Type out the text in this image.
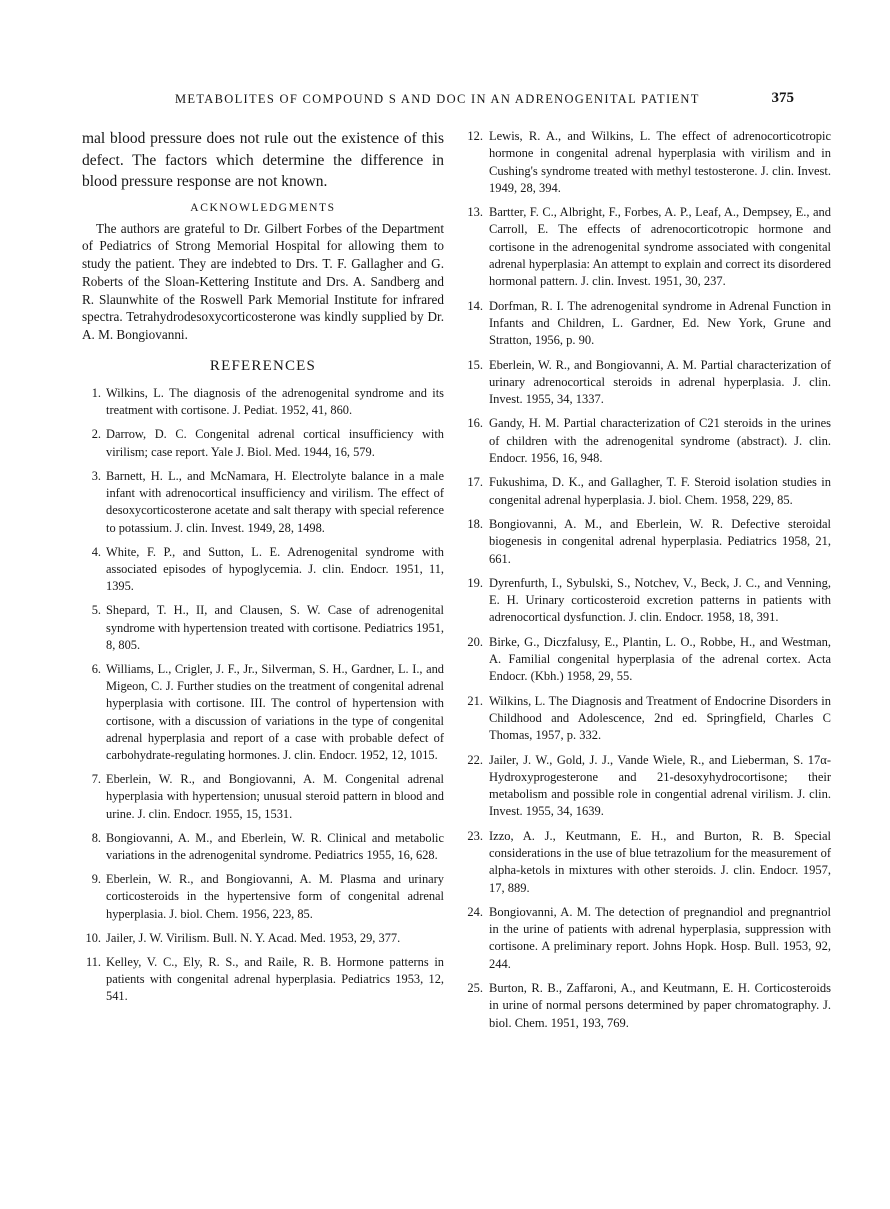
METABOLITES OF COMPOUND S AND DOC IN AN ADRENOGENITAL PATIENT	375

mal blood pressure does not rule out the existence of this defect. The factors which determine the difference in blood pressure response are not known.

ACKNOWLEDGMENTS

The authors are grateful to Dr. Gilbert Forbes of the Department of Pediatrics of Strong Memorial Hospital for allowing them to study the patient. They are indebted to Drs. T. F. Gallagher and G. Roberts of the Sloan-Kettering Institute and Drs. A. Sandberg and R. Slaunwhite of the Roswell Park Memorial Institute for infrared spectra. Tetrahydrodesoxycorticosterone was kindly supplied by Dr. A. M. Bongiovanni.

REFERENCES
1. Wilkins, L. The diagnosis of the adrenogenital syndrome and its treatment with cortisone. J. Pediat. 1952, 41, 860.
2. Darrow, D. C. Congenital adrenal cortical insufficiency with virilism; case report. Yale J. Biol. Med. 1944, 16, 579.
3. Barnett, H. L., and McNamara, H. Electrolyte balance in a male infant with adrenocortical insufficiency and virilism. The effect of desoxycorticosterone acetate and salt therapy with special reference to potassium. J. clin. Invest. 1949, 28, 1498.
4. White, F. P., and Sutton, L. E. Adrenogenital syndrome with associated episodes of hypoglycemia. J. clin. Endocr. 1951, 11, 1395.
5. Shepard, T. H., II, and Clausen, S. W. Case of adrenogenital syndrome with hypertension treated with cortisone. Pediatrics 1951, 8, 805.
6. Williams, L., Crigler, J. F., Jr., Silverman, S. H., Gardner, L. I., and Migeon, C. J. Further studies on the treatment of congenital adrenal hyperplasia with cortisone. III. The control of hypertension with cortisone, with a discussion of variations in the type of congenital adrenal hyperplasia and report of a case with probable defect of carbohydrate-regulating hormones. J. clin. Endocr. 1952, 12, 1015.
7. Eberlein, W. R., and Bongiovanni, A. M. Congenital adrenal hyperplasia with hypertension; unusual steroid pattern in blood and urine. J. clin. Endocr. 1955, 15, 1531.
8. Bongiovanni, A. M., and Eberlein, W. R. Clinical and metabolic variations in the adrenogenital syndrome. Pediatrics 1955, 16, 628.
9. Eberlein, W. R., and Bongiovanni, A. M. Plasma and urinary corticosteroids in the hypertensive form of congenital adrenal hyperplasia. J. biol. Chem. 1956, 223, 85.
10. Jailer, J. W. Virilism. Bull. N. Y. Acad. Med. 1953, 29, 377.
11. Kelley, V. C., Ely, R. S., and Raile, R. B. Hormone patterns in patients with congenital adrenal hyperplasia. Pediatrics 1953, 12, 541.
12. Lewis, R. A., and Wilkins, L. The effect of adrenocorticotropic hormone in congenital adrenal hyperplasia with virilism and in Cushing's syndrome treated with methyl testosterone. J. clin. Invest. 1949, 28, 394.
13. Bartter, F. C., Albright, F., Forbes, A. P., Leaf, A., Dempsey, E., and Carroll, E. The effects of adrenocorticotropic hormone and cortisone in the adrenogenital syndrome associated with congenital adrenal hyperplasia: An attempt to explain and correct its disordered hormonal pattern. J. clin. Invest. 1951, 30, 237.
14. Dorfman, R. I. The adrenogenital syndrome in Adrenal Function in Infants and Children, L. Gardner, Ed. New York, Grune and Stratton, 1956, p. 90.
15. Eberlein, W. R., and Bongiovanni, A. M. Partial characterization of urinary adrenocortical steroids in adrenal hyperplasia. J. clin. Invest. 1955, 34, 1337.
16. Gandy, H. M. Partial characterization of C21 steroids in the urines of children with the adrenogenital syndrome (abstract). J. clin. Endocr. 1956, 16, 948.
17. Fukushima, D. K., and Gallagher, T. F. Steroid isolation studies in congenital adrenal hyperplasia. J. biol. Chem. 1958, 229, 85.
18. Bongiovanni, A. M., and Eberlein, W. R. Defective steroidal biogenesis in congenital adrenal hyperplasia. Pediatrics 1958, 21, 661.
19. Dyrenfurth, I., Sybulski, S., Notchev, V., Beck, J. C., and Venning, E. H. Urinary corticosteroid excretion patterns in patients with adrenocortical dysfunction. J. clin. Endocr. 1958, 18, 391.
20. Birke, G., Diczfalusy, E., Plantin, L. O., Robbe, H., and Westman, A. Familial congenital hyperplasia of the adrenal cortex. Acta Endocr. (Kbh.) 1958, 29, 55.
21. Wilkins, L. The Diagnosis and Treatment of Endocrine Disorders in Childhood and Adolescence, 2nd ed. Springfield, Charles C Thomas, 1957, p. 332.
22. Jailer, J. W., Gold, J. J., Vande Wiele, R., and Lieberman, S. 17α-Hydroxyprogesterone and 21-desoxyhydrocortisone; their metabolism and possible role in congential adrenal virilism. J. clin. Invest. 1955, 34, 1639.
23. Izzo, A. J., Keutmann, E. H., and Burton, R. B. Special considerations in the use of blue tetrazolium for the measurement of alpha-ketols in mixtures with other steroids. J. clin. Endocr. 1957, 17, 889.
24. Bongiovanni, A. M. The detection of pregnandiol and pregnantriol in the urine of patients with adrenal hyperplasia, suppression with cortisone. A preliminary report. Johns Hopk. Hosp. Bull. 1953, 92, 244.
25. Burton, R. B., Zaffaroni, A., and Keutmann, E. H. Corticosteroids in urine of normal persons determined by paper chromatography. J. biol. Chem. 1951, 193, 769.
